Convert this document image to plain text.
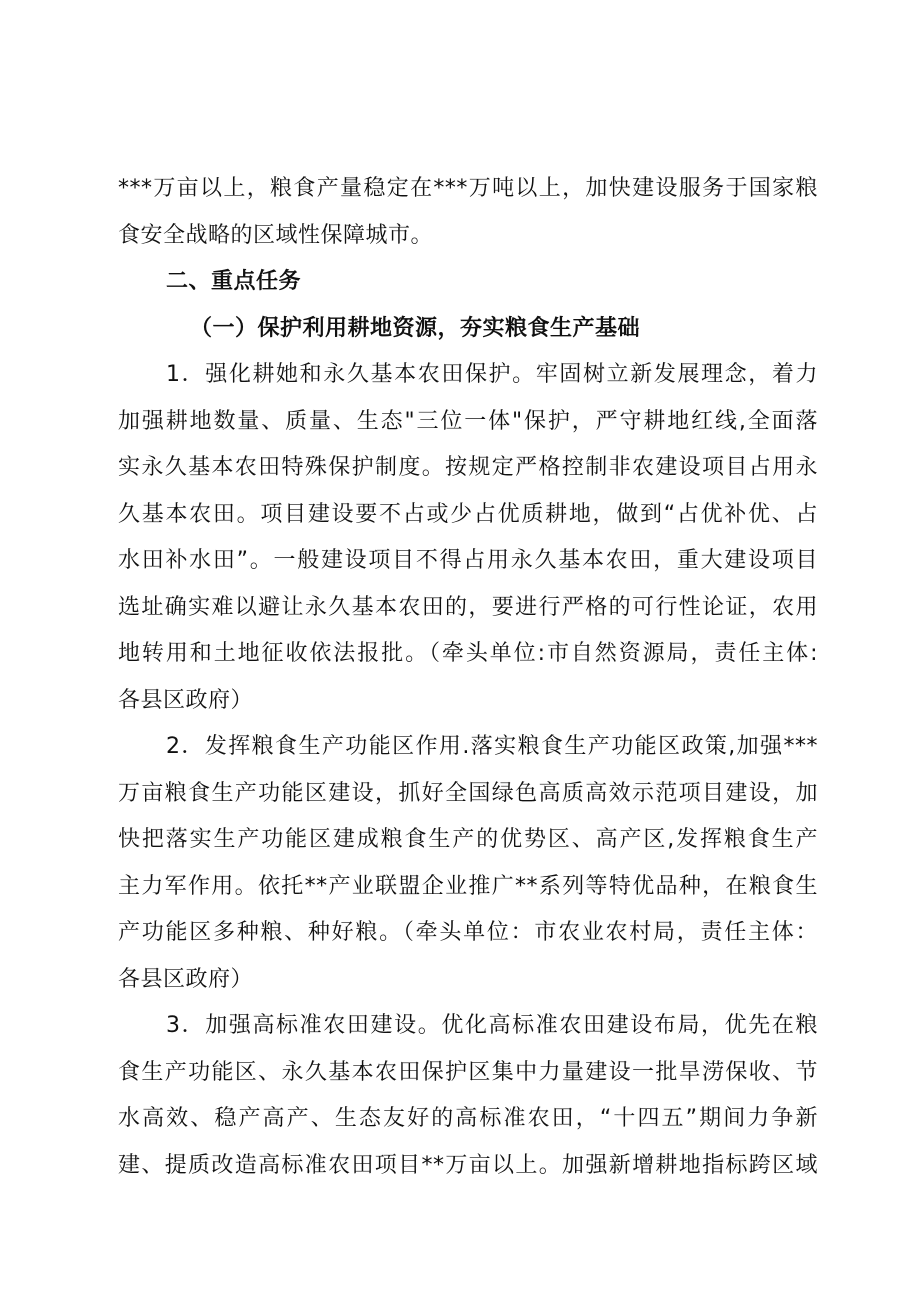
***万亩以上，粮食产量稳定在***万吨以上，加快建设服务于国家粮
食安全战略的区域性保障城市。
二、重点任务
（一）保护利用耕地资源，夯实粮食生产基础
1．强化耕她和永久基本农田保护。牢固树立新发展理念，着力
加强耕地数量、质量、生态"三位一体"保护，严守耕地红线,全面落
实永久基本农田特殊保护制度。按规定严格控制非农建设项目占用永
久基本农田。项目建设要不占或少占优质耕地，做到“占优补优、占
水田补水田”。一般建设项目不得占用永久基本农田，重大建设项目
选址确实难以避让永久基本农田的，要进行严格的可行性论证，农用
地转用和土地征收依法报批。（牵头单位:市自然资源局，责任主体:
各县区政府）
2．发挥粮食生产功能区作用.落实粮食生产功能区政策,加强***
万亩粮食生产功能区建设，抓好全国绿色高质高效示范项目建设，加
快把落实生产功能区建成粮食生产的优势区、高产区,发挥粮食生产
主力军作用。依托**产业联盟企业推广**系列等特优品种，在粮食生
产功能区多种粮、种好粮。（牵头单位：市农业农村局，责任主体：
各县区政府）
3．加强高标准农田建设。优化高标准农田建设布局，优先在粮
食生产功能区、永久基本农田保护区集中力量建设一批旱涝保收、节
水高效、稳产高产、生态友好的高标准农田，“十四五”期间力争新
建、提质改造高标准农田项目**万亩以上。加强新增耕地指标跨区域
